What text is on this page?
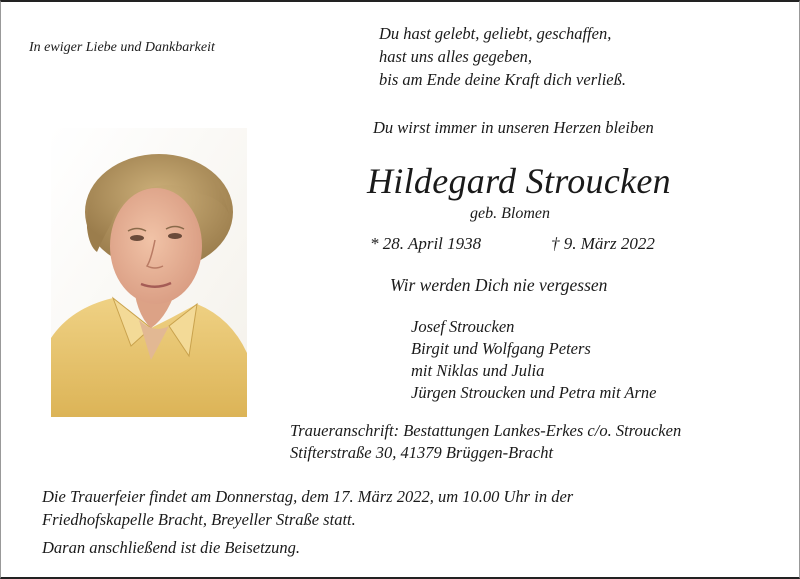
In ewiger Liebe und Dankbarkeit
Du hast gelebt, geliebt, geschaffen,
hast uns alles gegeben,
bis am Ende deine Kraft dich verließ.
Du wirst immer in unseren Herzen bleiben
Hildegard Stroucken
geb. Blomen
* 28. April 1938	† 9. März 2022
Wir werden Dich nie vergessen
Josef Stroucken
Birgit und Wolfgang Peters
mit Niklas und Julia
Jürgen Stroucken und Petra mit Arne
Traueranschrift: Bestattungen Lankes-Erkes c/o. Stroucken
Stifterstraße 30, 41379 Brüggen-Bracht
Die Trauerfeier findet am Donnerstag, dem 17. März 2022, um 10.00 Uhr in der
Friedhofskapelle Bracht, Breyeller Straße statt.
Daran anschließend ist die Beisetzung.
